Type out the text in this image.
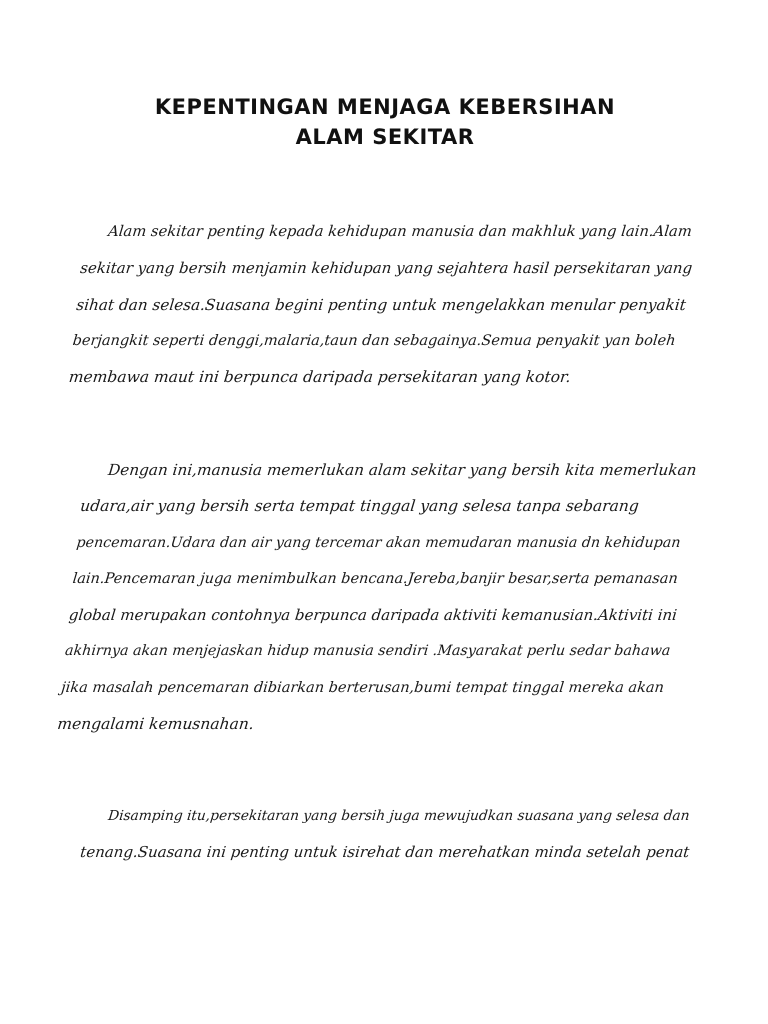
KEPENTINGAN MENJAGA KEBERSIHAN
ALAM SEKITAR

Alam sekitar penting kepada kehidupan manusia dan makhluk yang lain.Alam
sekitar yang bersih menjamin kehidupan yang sejahtera hasil persekitaran yang
sihat dan selesa.Suasana begini penting untuk mengelakkan menular penyakit
berjangkit seperti denggi,malaria,taun dan sebagainya.Semua penyakit yan boleh
membawa maut ini berpunca daripada persekitaran yang kotor.

Dengan ini,manusia memerlukan alam sekitar yang bersih kita memerlukan
udara,air yang bersih serta tempat tinggal yang selesa tanpa sebarang
pencemaran.Udara dan air yang tercemar akan memudaran manusia dn kehidupan
lain.Pencemaran juga menimbulkan bencana.Jereba,banjir besar,serta pemanasan
global merupakan contohnya berpunca daripada aktiviti kemanusian.Aktiviti ini
akhirnya akan menjejaskan hidup manusia sendiri .Masyarakat perlu sedar bahawa
jika masalah pencemaran dibiarkan berterusan,bumi tempat tinggal mereka akan
mengalami kemusnahan.

Disamping itu,persekitaran yang bersih juga mewujudkan suasana yang selesa dan
tenang.Suasana ini penting untuk isirehat dan merehatkan minda setelah penat
